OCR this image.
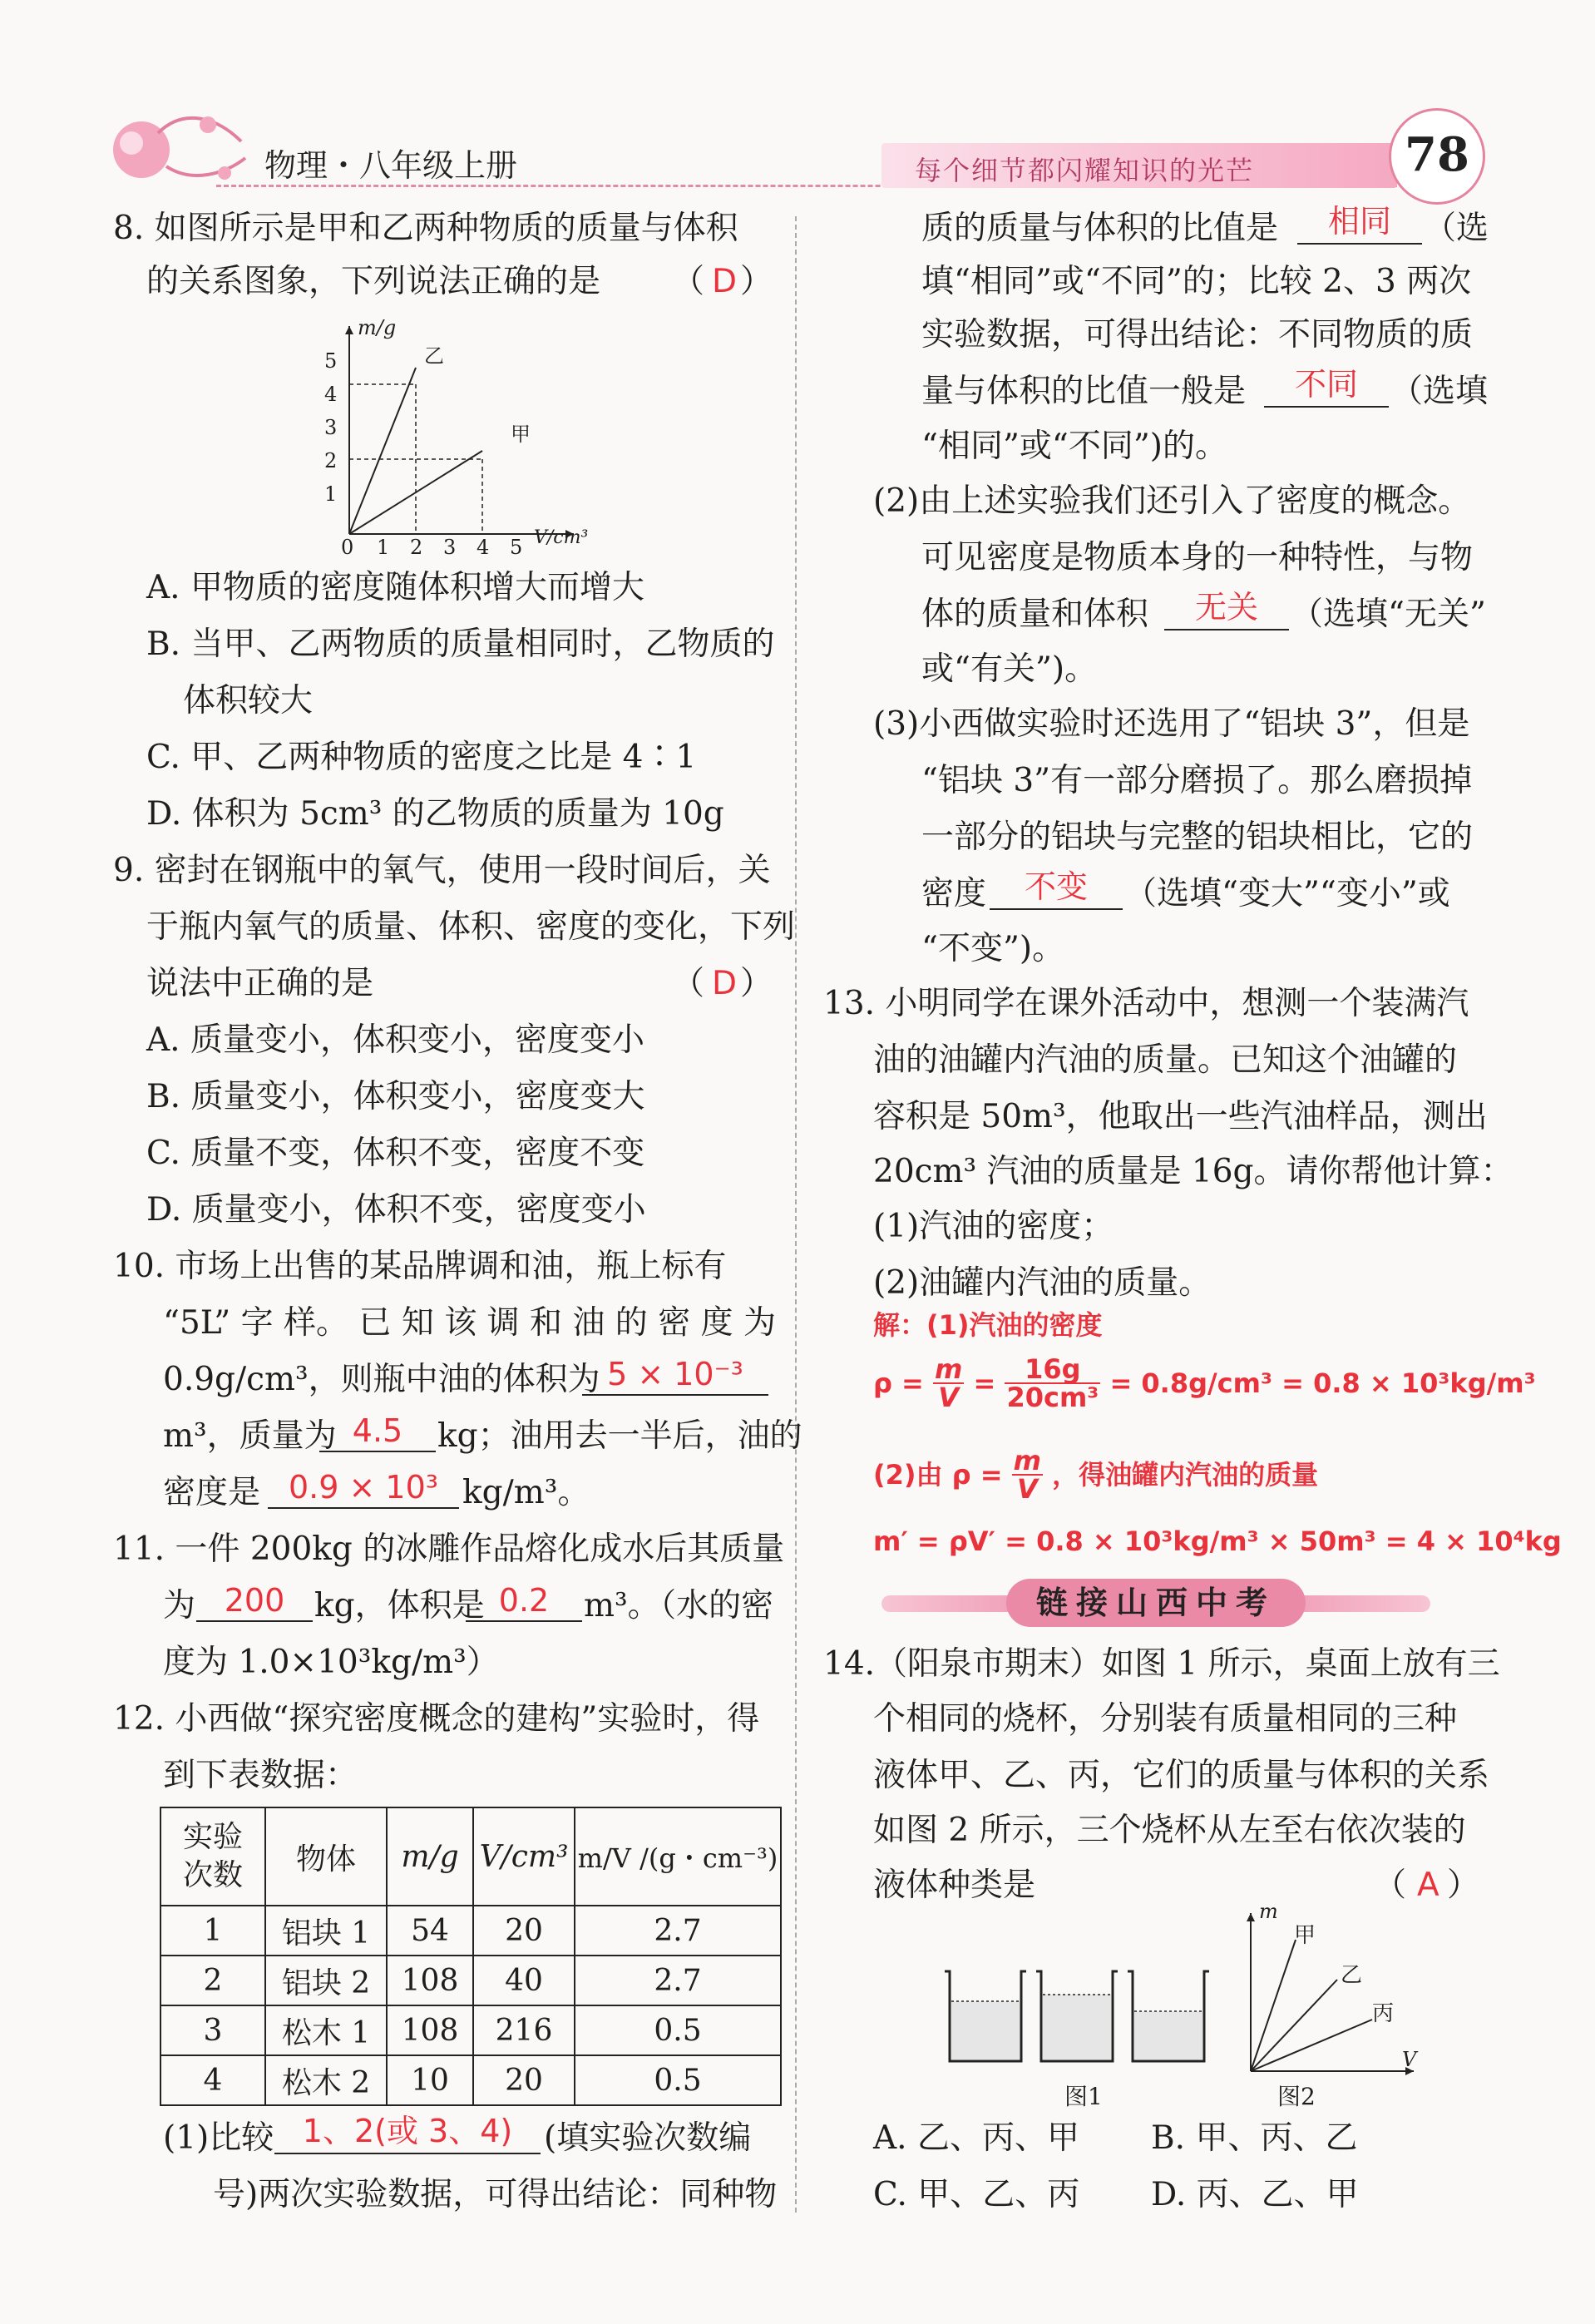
物理・八年级上册	每个细节都闪耀知识的光芒	78
8. 如图所示是甲和乙两种物质的质量与体积
的关系图象，下列说法正确的是 （ D ）
m/g
V/cm³
乙
甲
0 1 2 3 4 5
1
2
3
4
5
A. 甲物质的密度随体积增大而增大
B. 当甲、乙两物质的质量相同时，乙物质的
体积较大
C. 甲、乙两种物质的密度之比是 4∶1
D. 体积为 5cm³ 的乙物质的质量为 10g
9. 密封在钢瓶中的氧气，使用一段时间后，关
于瓶内氧气的质量、体积、密度的变化，下列
说法中正确的是	（ D ）
A. 质量变小，体积变小，密度变小
B. 质量变小，体积变小，密度变大
C. 质量不变，体积不变，密度不变
D. 质量变小，体积不变，密度变小
10. 市场上出售的某品牌调和油，瓶上标有
“5L” 字 样。 已 知 该 调 和 油 的 密 度 为
0.9g/cm³，则瓶中油的体积为 5 × 10⁻³
m³，质量为 4.5	kg；油用去一半后，油的
密度是 0.9 × 10³ kg/m³。
11. 一件 200kg 的冰雕作品熔化成水后其质量
为 200 kg，体积是 0.2	m³。（水的密
度为 1.0×10³kg/m³）
12. 小西做“探究密度概念的建构”实验时，得
到下表数据：
实验
次数	物体	m/g	V/cm³	m/V /(g・cm⁻³)
1	铝块 1	54	20	2.7
2	铝块 2	108	40	2.7
3	松木 1	108	216	0.5
4	松木 2	10	20	0.5
(1)比较 1、2(或 3、4) (填实验次数编
号)两次实验数据，可得出结论：同种物
质的质量与体积的比值是	相同	（选
填“相同”或“不同”的；比较 2、3 两次
实验数据，可得出结论：不同物质的质
量与体积的比值一般是	不同	（选填
“相同”或“不同”)的。
(2)由上述实验我们还引入了密度的概念。
可见密度是物质本身的一种特性，与物
体的质量和体积	无关	（选填“无关”
或“有关”)。
(3)小西做实验时还选用了“铝块 3”，但是
“铝块 3”有一部分磨损了。那么磨损掉
一部分的铝块与完整的铝块相比，它的
密度	不变	（选填“变大”“变小”或
“不变”)。
13. 小明同学在课外活动中，想测一个装满汽
油的油罐内汽油的质量。已知这个油罐的
容积是 50m³，他取出一些汽油样品，测出
20cm³ 汽油的质量是 16g。请你帮他计算：
(1)汽油的密度；
(2)油罐内汽油的质量。
解：(1)汽油的密度
$\rho = \frac{m}{V} = \frac{16g}{\text{20cm³}} = 0.8g/cm^3 = 0.8 \times 10^3kg/m^3$
(2)由 $\rho = \frac{m}{V}$ ，得油罐内汽油的质量
m′ = ρV′ = 0.8 × 10³kg/m³ × 50m³ = 4 × 10⁴kg
链接山西中考
14.（阳泉市期末）如图 1 所示，桌面上放有三
个相同的烧杯，分别装有质量相同的三种
液体甲、乙、丙，它们的质量与体积的关系
如图 2 所示，三个烧杯从左至右依次装的
液体种类是	（ A ）
m
V
甲
乙
丙
图1	图2
A. 乙、丙、甲 B. 甲、丙、乙
C. 甲、乙、丙 D. 丙、乙、甲
